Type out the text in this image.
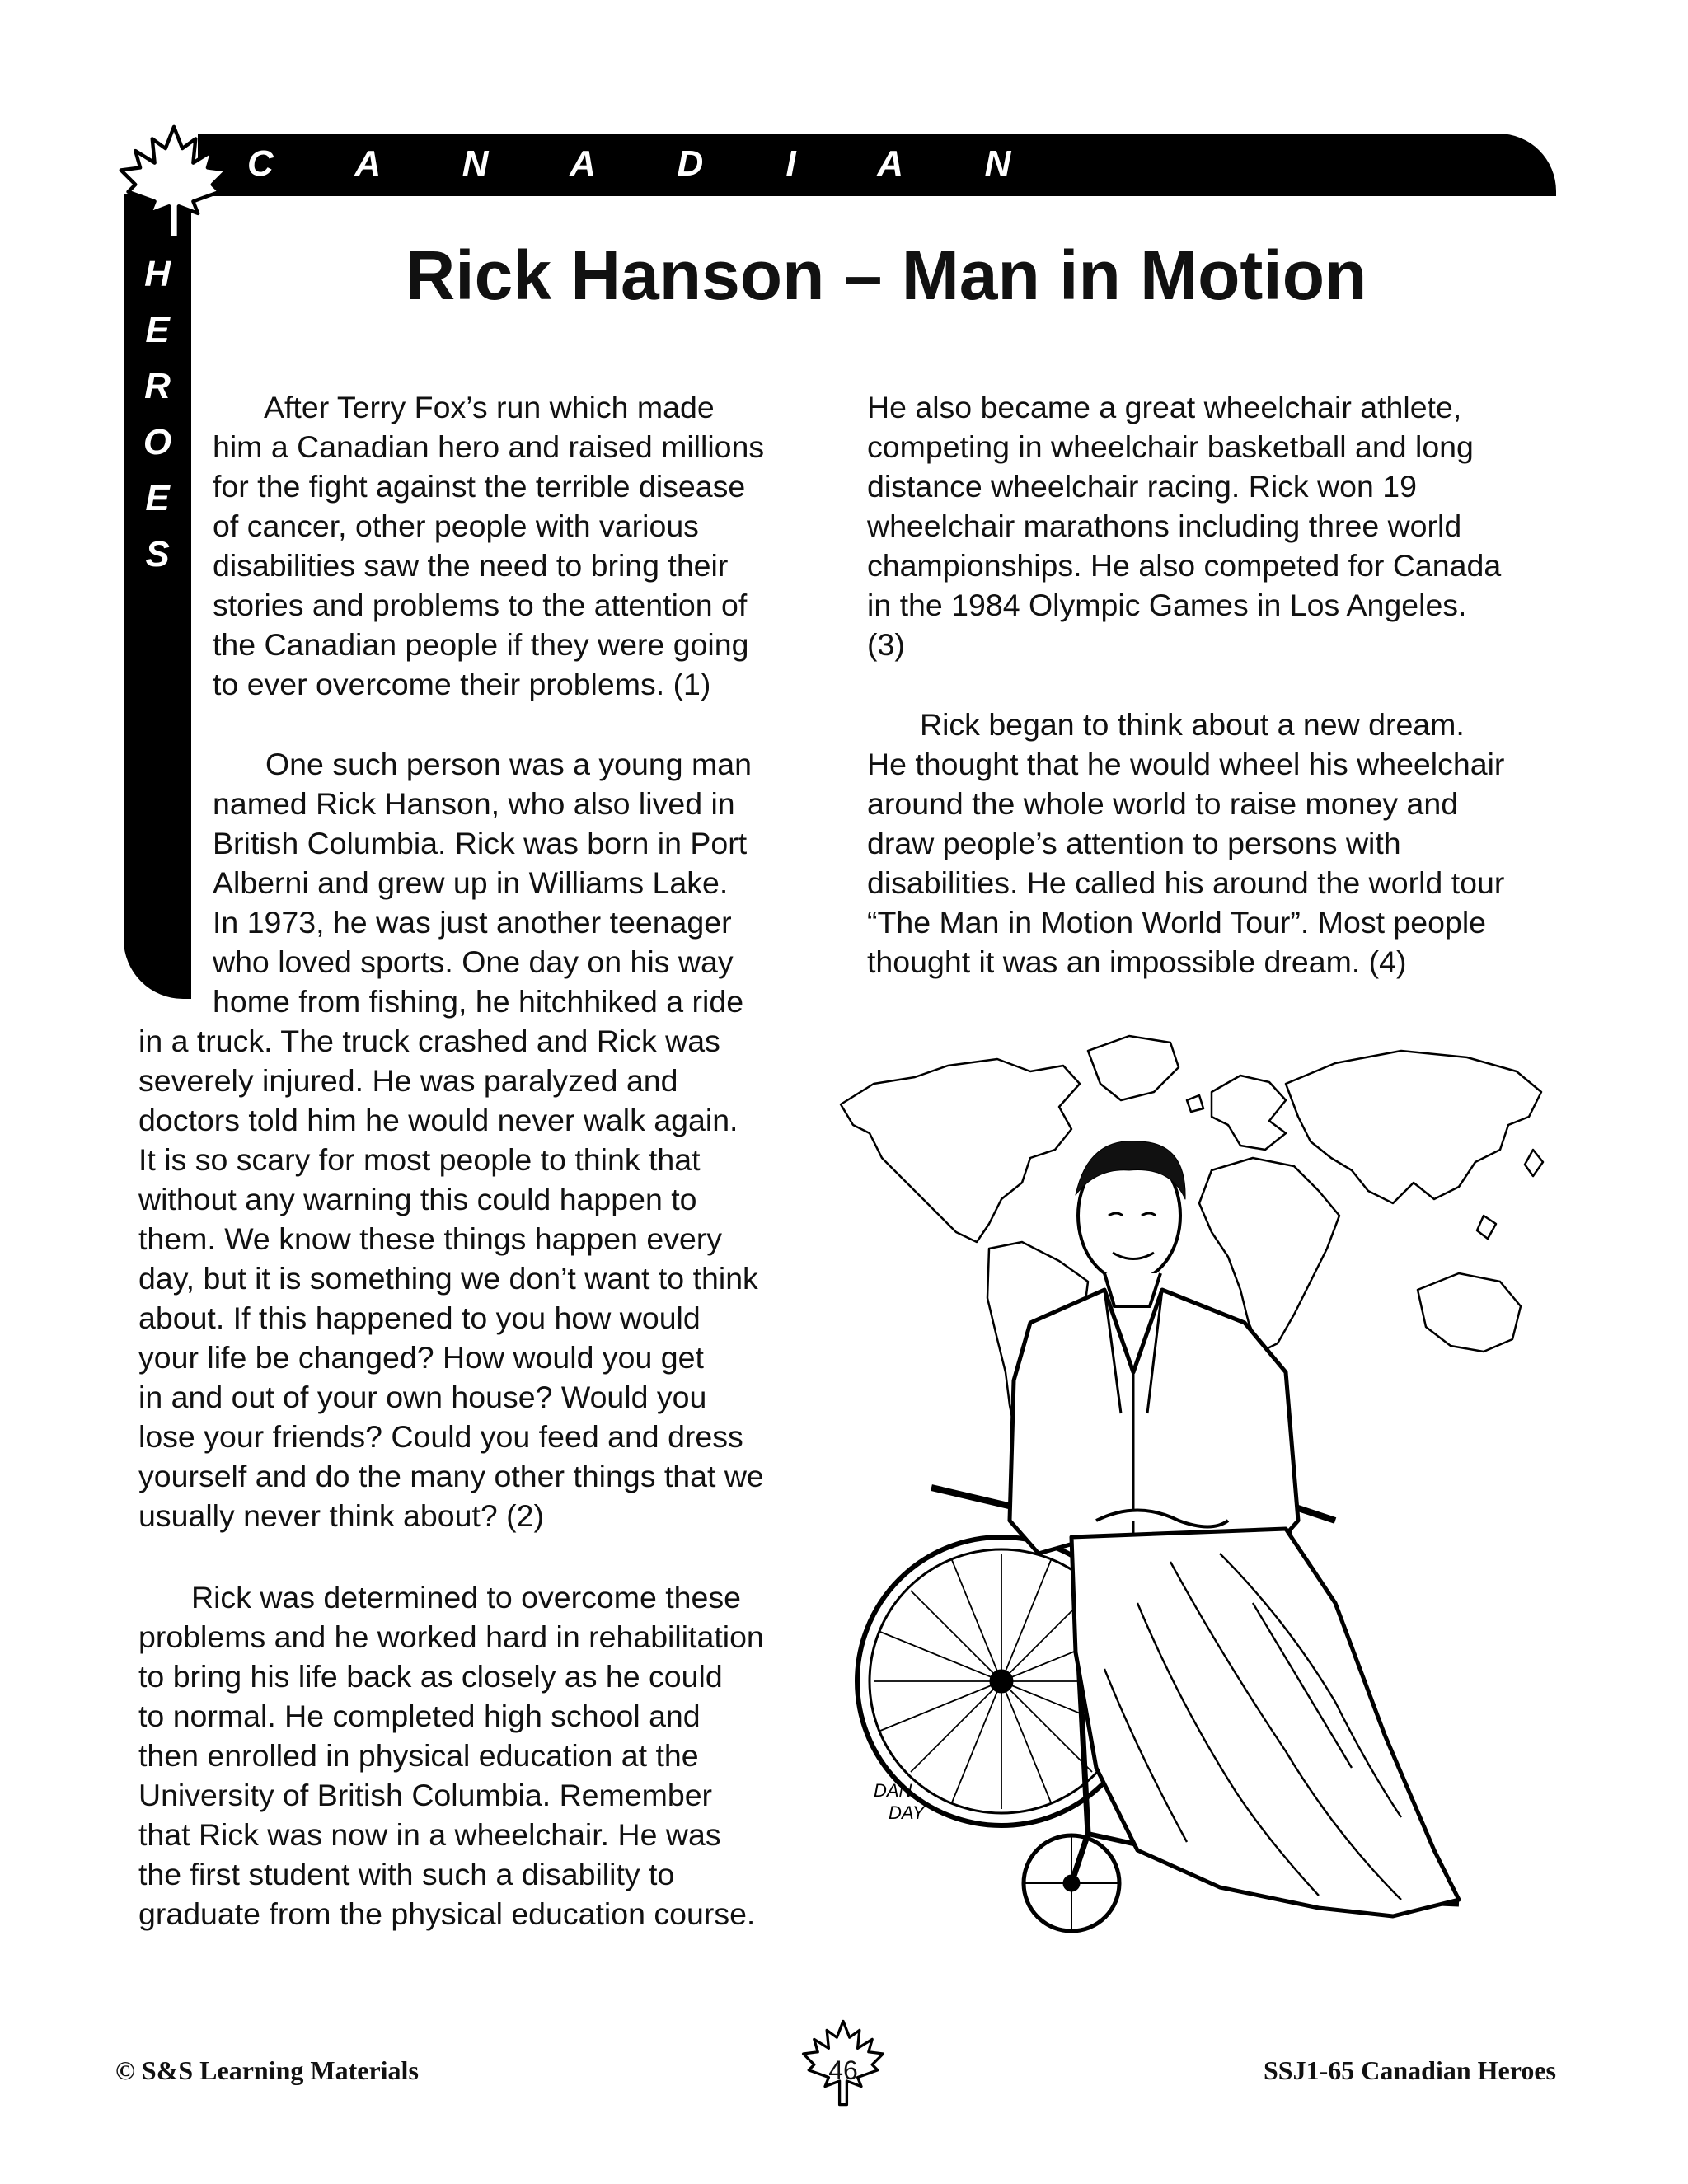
C A N A D I A N
H
E
R
O
E
S
Rick Hanson – Man in Motion
After Terry Fox’s run which made
him a Canadian hero and raised millions
for the fight against the terrible disease
of cancer, other people with various
disabilities saw the need to bring their
stories and problems to the attention of
the Canadian people if they were going
to ever overcome their problems. (1)
One such person was a young man
named Rick Hanson, who also lived in
British Columbia. Rick was born in Port
Alberni and grew up in Williams Lake.
In 1973, he was just another teenager
who loved sports. One day on his way
home from fishing, he hitchhiked a ride
in a truck. The truck crashed and Rick was
severely injured. He was paralyzed and
doctors told him he would never walk again.
It is so scary for most people to think that
without any warning this could happen to
them. We know these things happen every
day, but it is something we don’t want to think
about. If this happened to you how would
your life be changed? How would you get
in and out of your own house? Would you
lose your friends? Could you feed and dress
yourself and do the many other things that we
usually never think about? (2)
Rick was determined to overcome these
problems and he worked hard in rehabilitation
to bring his life back as closely as he could
to normal. He completed high school and
then enrolled in physical education at the
University of British Columbia. Remember
that Rick was now in a wheelchair. He was
the first student with such a disability to
graduate from the physical education course.
He also became a great wheelchair athlete,
competing in wheelchair basketball and long
distance wheelchair racing. Rick won 19
wheelchair marathons including three world
championships. He also competed for Canada
in the 1984 Olympic Games in Los Angeles.
(3)
Rick began to think about a new dream.
He thought that he would wheel his wheelchair
around the whole world to raise money and
draw people’s attention to persons with
disabilities. He called his around the world tour
“The Man in Motion World Tour”. Most people
thought it was an impossible dream. (4)
DAN
DAY
© S&S Learning Materials	46	SSJ1-65 Canadian Heroes
